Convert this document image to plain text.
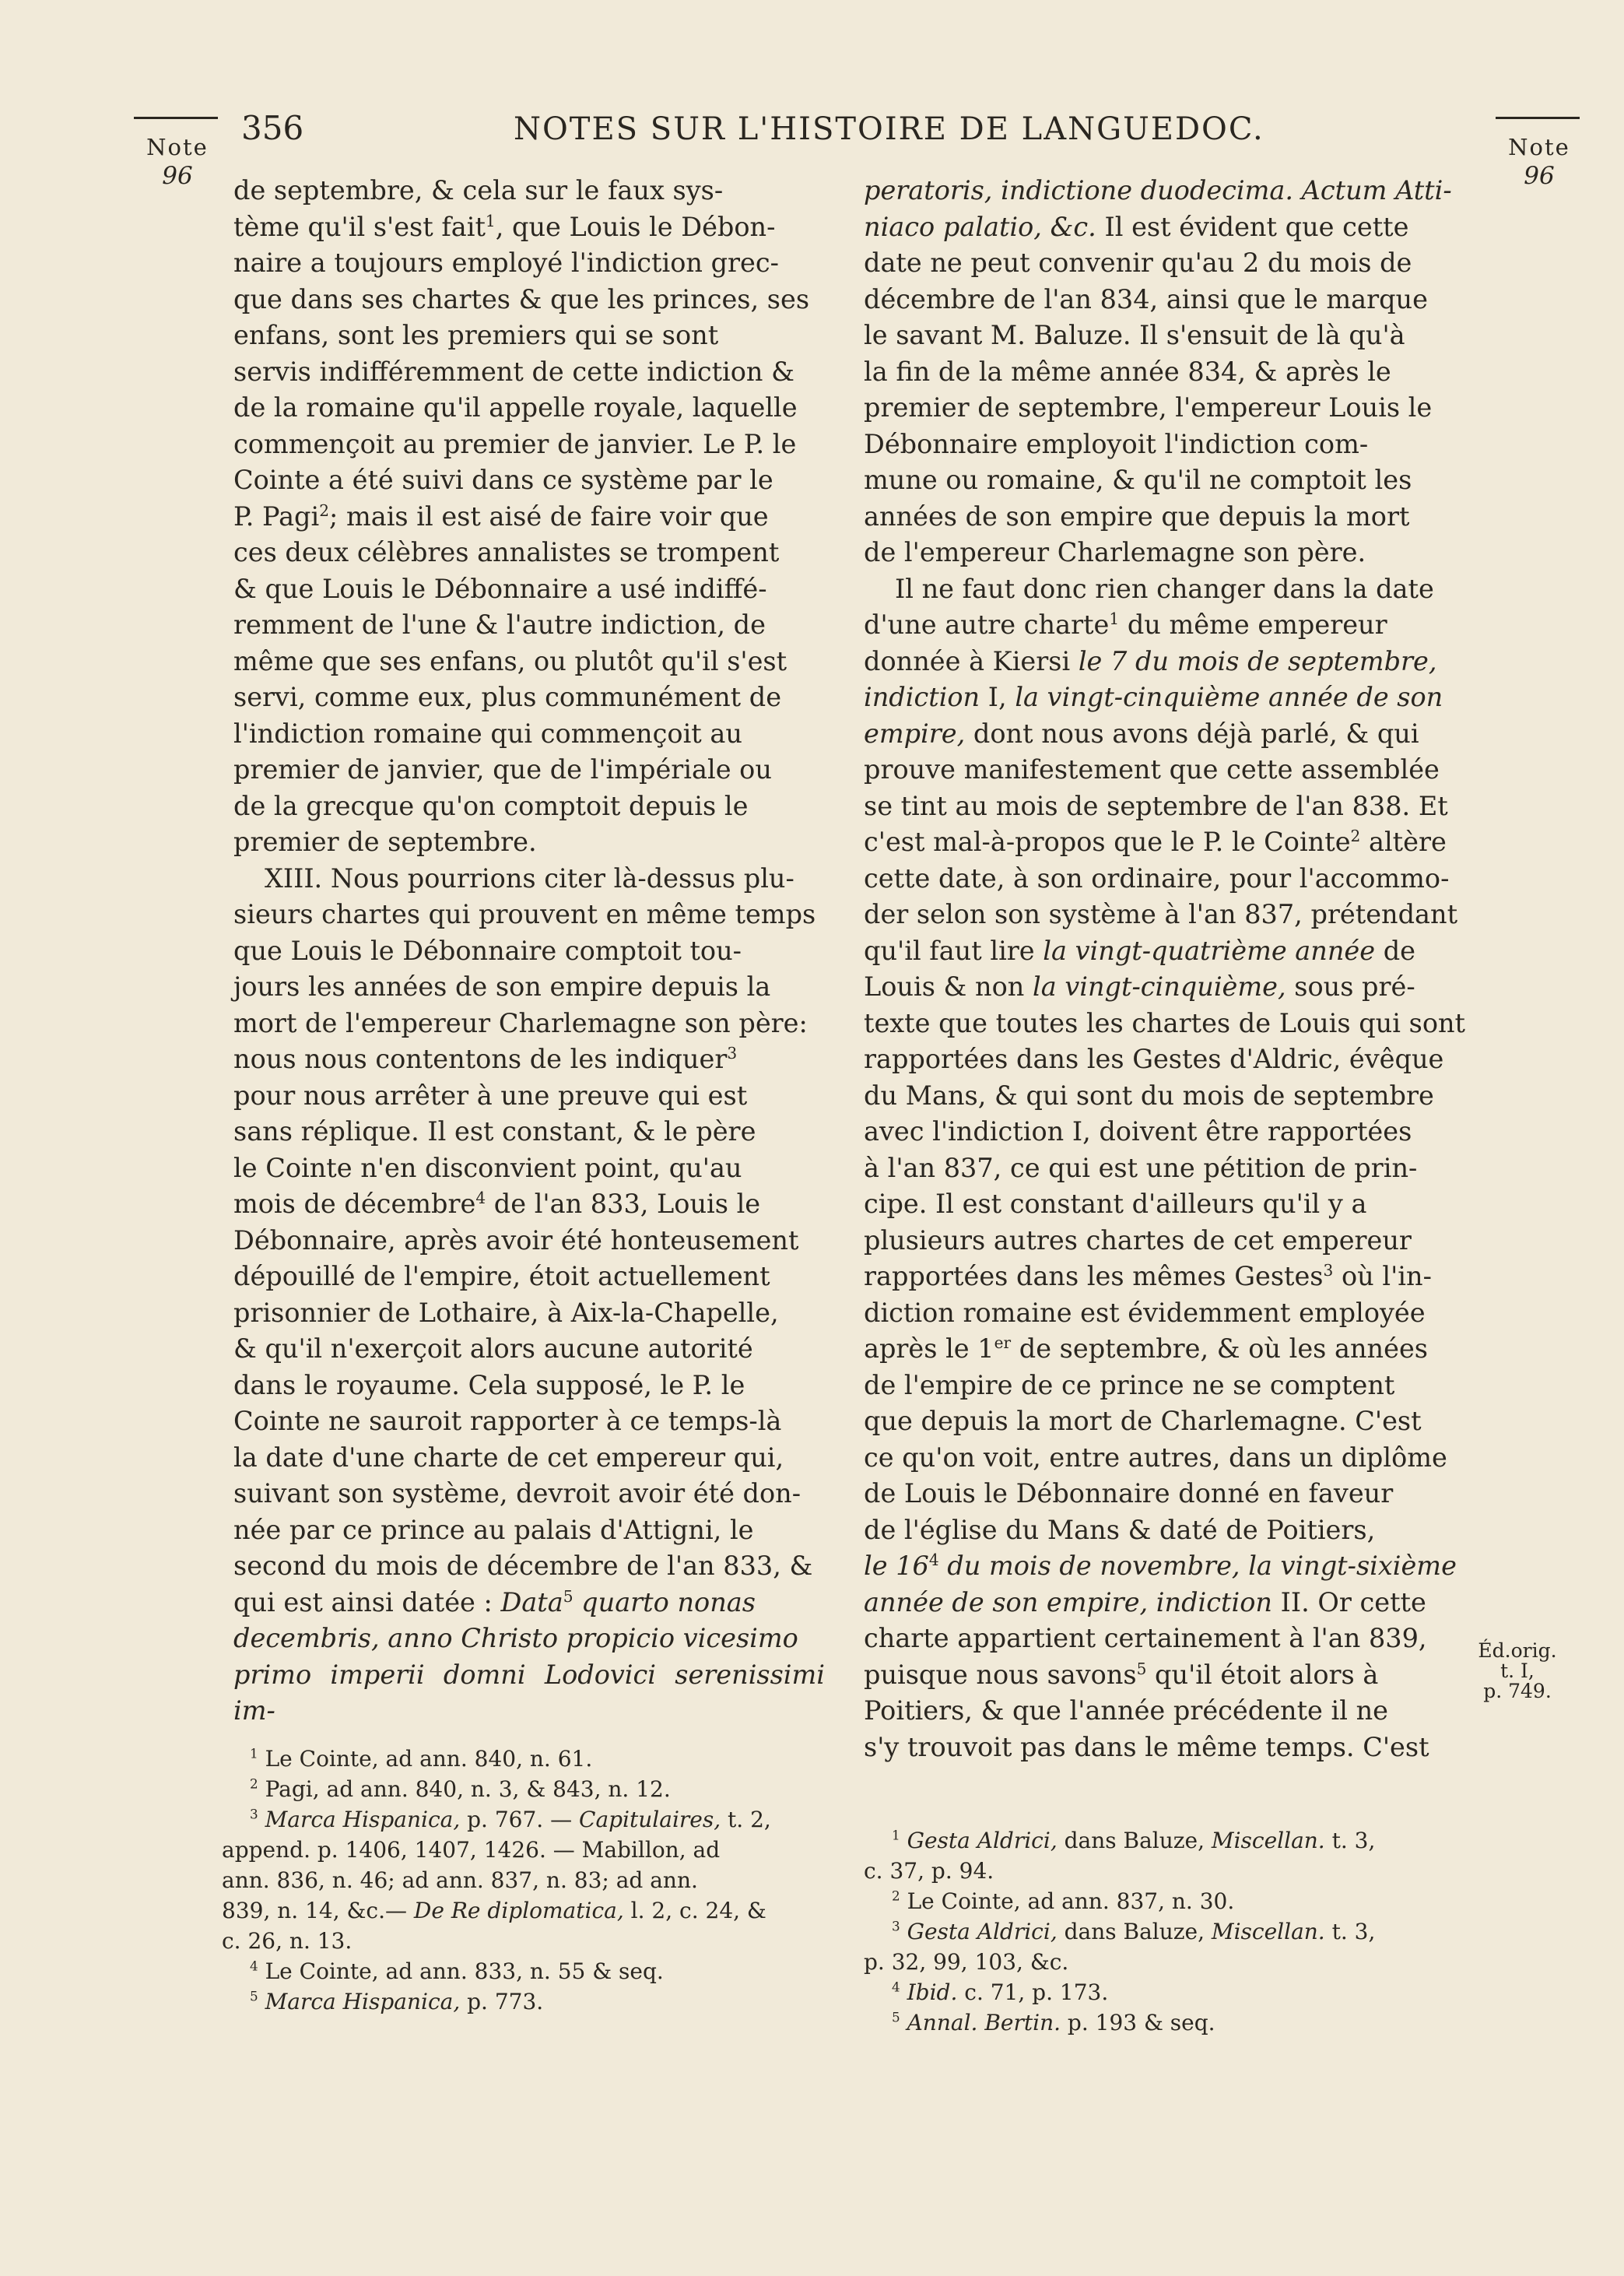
Note
96
Note
96
356	NOTES SUR L'HISTOIRE DE LANGUEDOC.
de septembre, & cela sur le faux sys-
tème qu'il s'est fait$^1$, que Louis le Débon-
naire a toujours employé l'indiction grec-
que dans ses chartes & que les princes, ses
enfans, sont les premiers qui se sont
servis indifféremment de cette indiction &
de la romaine qu'il appelle royale, laquelle
commençoit au premier de janvier. Le P. le
Cointe a été suivi dans ce système par le
P. Pagi$^2$; mais il est aisé de faire voir que
ces deux célèbres annalistes se trompent
& que Louis le Débonnaire a usé indiffé-
remment de l'une & l'autre indiction, de
même que ses enfans, ou plutôt qu'il s'est
servi, comme eux, plus communément de
l'indiction romaine qui commençoit au
premier de janvier, que de l'impériale ou
de la grecque qu'on comptoit depuis le
premier de septembre.
XIII. Nous pourrions citer là-dessus plu-
sieurs chartes qui prouvent en même temps
que Louis le Débonnaire comptoit tou-
jours les années de son empire depuis la
mort de l'empereur Charlemagne son père:
nous nous contentons de les indiquer$^3$
pour nous arrêter à une preuve qui est
sans réplique. Il est constant, & le père
le Cointe n'en disconvient point, qu'au
mois de décembre$^4$ de l'an 833, Louis le
Débonnaire, après avoir été honteusement
dépouillé de l'empire, étoit actuellement
prisonnier de Lothaire, à Aix-la-Chapelle,
& qu'il n'exerçoit alors aucune autorité
dans le royaume. Cela supposé, le P. le
Cointe ne sauroit rapporter à ce temps-là
la date d'une charte de cet empereur qui,
suivant son système, devroit avoir été don-
née par ce prince au palais d'Attigni, le
second du mois de décembre de l'an 833, &
qui est ainsi datée : Data$^5$ quarto nonas
decembris, anno Christo propicio vicesimo
primo imperii domni Lodovici serenissimi im-
peratoris, indictione duodecima. Actum Atti-
niaco palatio, &c. Il est évident que cette
date ne peut convenir qu'au 2 du mois de
décembre de l'an 834, ainsi que le marque
le savant M. Baluze. Il s'ensuit de là qu'à
la fin de la même année 834, & après le
premier de septembre, l'empereur Louis le
Débonnaire employoit l'indiction com-
mune ou romaine, & qu'il ne comptoit les
années de son empire que depuis la mort
de l'empereur Charlemagne son père.
Il ne faut donc rien changer dans la date
d'une autre charte$^1$ du même empereur
donnée à Kiersi le 7 du mois de septembre,
indiction I, la vingt-cinquième année de son
empire, dont nous avons déjà parlé, & qui
prouve manifestement que cette assemblée
se tint au mois de septembre de l'an 838. Et
c'est mal-à-propos que le P. le Cointe$^2$ altère
cette date, à son ordinaire, pour l'accommo-
der selon son système à l'an 837, prétendant
qu'il faut lire la vingt-quatrième année de
Louis & non la vingt-cinquième, sous pré-
texte que toutes les chartes de Louis qui sont
rapportées dans les Gestes d'Aldric, évêque
du Mans, & qui sont du mois de septembre
avec l'indiction I, doivent être rapportées
à l'an 837, ce qui est une pétition de prin-
cipe. Il est constant d'ailleurs qu'il y a
plusieurs autres chartes de cet empereur
rapportées dans les mêmes Gestes$^3$ où l'in-
diction romaine est évidemment employée
après le 1er de septembre, & où les années
de l'empire de ce prince ne se comptent
que depuis la mort de Charlemagne. C'est
ce qu'on voit, entre autres, dans un diplôme
de Louis le Débonnaire donné en faveur
de l'église du Mans & daté de Poitiers,
le $16^4$ du mois de novembre, la vingt-sixième
année de son empire, indiction II. Or cette
charte appartient certainement à l'an 839,
puisque nous savons$^5$ qu'il étoit alors à
Poitiers, & que l'année précédente il ne
s'y trouvoit pas dans le même temps. C'est
Éd.orig.
t. I,
p. 749.
$^1$ Le Cointe, ad ann. 840, n. 61.
$^2$ Pagi, ad ann. 840, n. 3, & 843, n. 12.
$^3$ Marca Hispanica, p. 767. — Capitulaires, t. 2,
append. p. 1406, 1407, 1426. — Mabillon, ad
ann. 836, n. 46; ad ann. 837, n. 83; ad ann.
839, n. 14, &c.— De Re diplomatica, l. 2, c. 24, &
c. 26, n. 13.
$^4$ Le Cointe, ad ann. 833, n. 55 & seq.
$^5$ Marca Hispanica, p. 773.
$^1$ Gesta Aldrici, dans Baluze, Miscellan. t. 3,
c. 37, p. 94.
$^2$ Le Cointe, ad ann. 837, n. 30.
$^3$ Gesta Aldrici, dans Baluze, Miscellan. t. 3,
p. 32, 99, 103, &c.
$^4$ Ibid. c. 71, p. 173.
$^5$ Annal. Bertin. p. 193 & seq.
